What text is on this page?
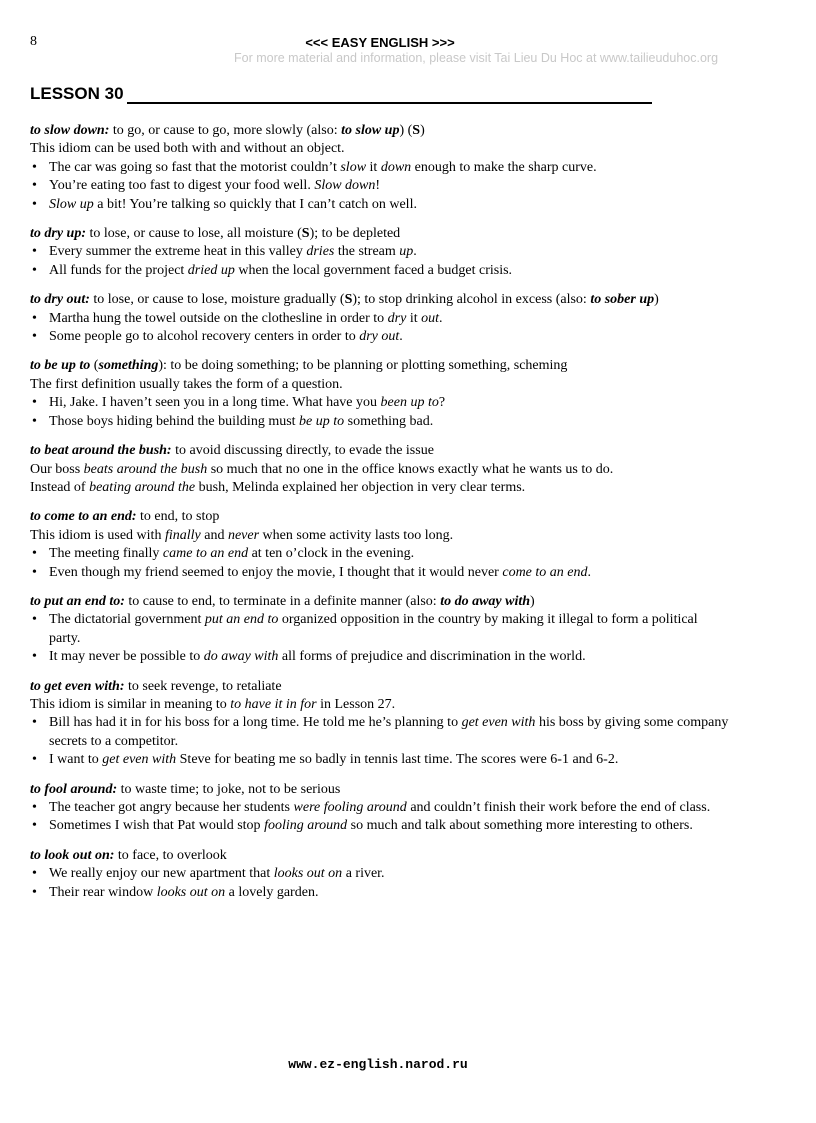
8	<<< EASY ENGLISH >>>
For more material and information, please visit Tai Lieu Du Hoc at www.tailieuduhoc.org
LESSON 30

to slow down: to go, or cause to go, more slowly (also: to slow up) (S)

This idiom can be used both with and without an object.

• The car was going so fast that the motorist couldn’t slow it down enough to make the sharp curve.
• You’re eating too fast to digest your food well. Slow down!
• Slow up a bit! You’re talking so quickly that I can’t catch on well.

to dry up: to lose, or cause to lose, all moisture (S); to be depleted

• Every summer the extreme heat in this valley dries the stream up.
• All funds for the project dried up when the local government faced a budget crisis.

to dry out: to lose, or cause to lose, moisture gradually (S); to stop drinking alcohol in excess (also: to sober up)

• Martha hung the towel outside on the clothesline in order to dry it out.
• Some people go to alcohol recovery centers in order to dry out.

to be up to (something): to be doing something; to be planning or plotting something, scheming

The first definition usually takes the form of a question.

• Hi, Jake. I haven’t seen you in a long time. What have you been up to?
• Those boys hiding behind the building must be up to something bad.

to beat around the bush: to avoid discussing directly, to evade the issue

Our boss beats around the bush so much that no one in the office knows exactly what he wants us to do.

Instead of beating around the bush, Melinda explained her objection in very clear terms.

to come to an end: to end, to stop

This idiom is used with finally and never when some activity lasts too long.

• The meeting finally came to an end at ten o’clock in the evening.
• Even though my friend seemed to enjoy the movie, I thought that it would never come to an end.

to put an end to: to cause to end, to terminate in a definite manner (also: to do away with)

• The dictatorial government put an end to organized opposition in the country by making it illegal to form a political party.
• It may never be possible to do away with all forms of prejudice and discrimination in the world.

to get even with: to seek revenge, to retaliate

This idiom is similar in meaning to to have it in for in Lesson 27.

• Bill has had it in for his boss for a long time. He told me he’s planning to get even with his boss by giving some company secrets to a competitor.
• I want to get even with Steve for beating me so badly in tennis last time. The scores were 6-1 and 6-2.

to fool around: to waste time; to joke, not to be serious

• The teacher got angry because her students were fooling around and couldn’t finish their work before the end of class.
• Sometimes I wish that Pat would stop fooling around so much and talk about something more interesting to others.

to look out on: to face, to overlook

• We really enjoy our new apartment that looks out on a river.
• Their rear window looks out on a lovely garden.
www.ez-english.narod.ru
